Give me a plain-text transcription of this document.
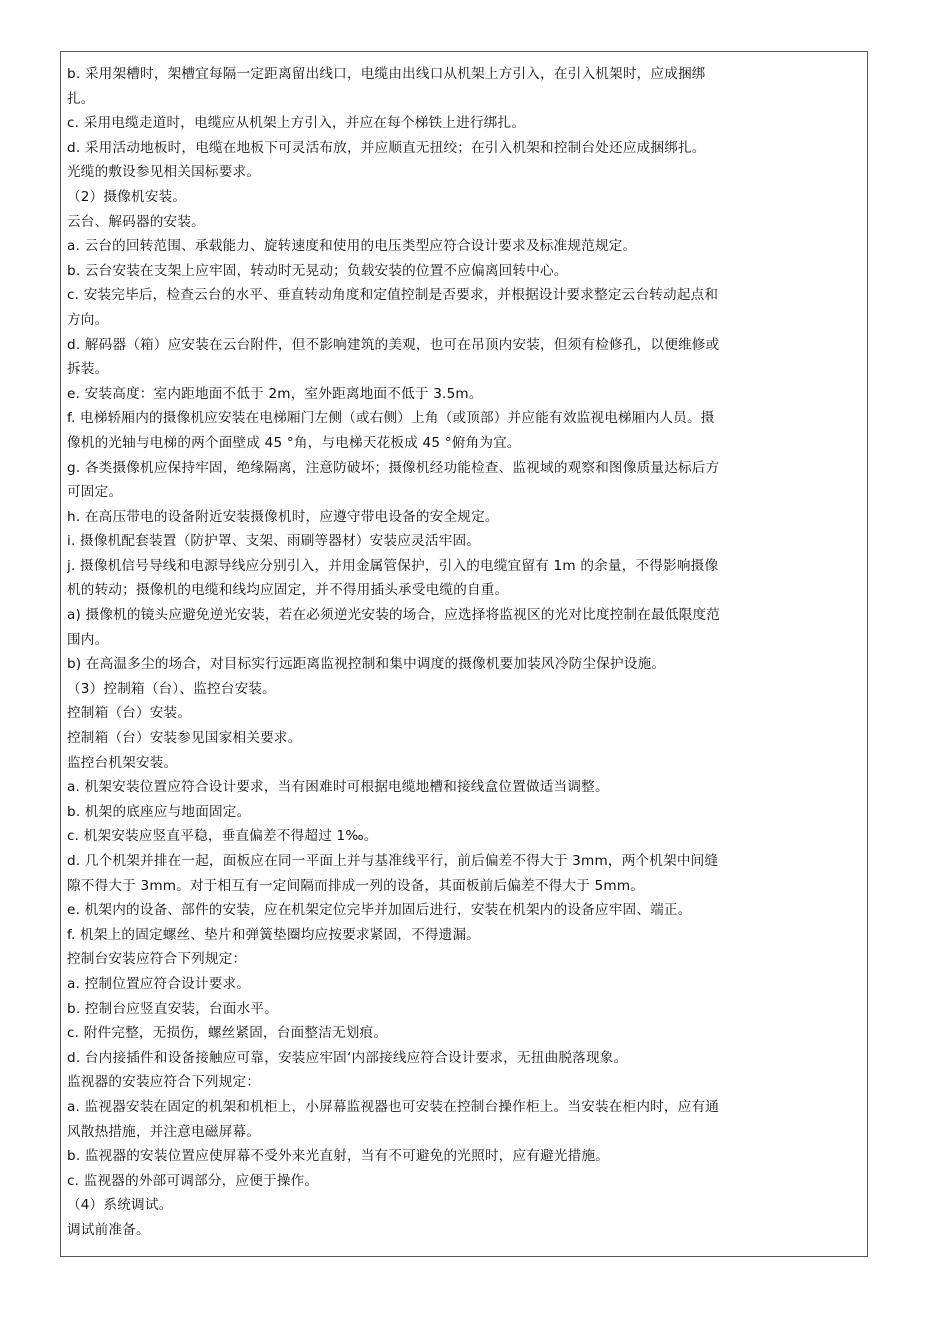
b. 采用架槽时，架槽宜每隔一定距离留出线口，电缆由出线口从机架上方引入，在引入机架时，应成捆绑
扎。
c. 采用电缆走道时，电缆应从机架上方引入，并应在每个梯铁上进行绑扎。
d. 采用活动地板时，电缆在地板下可灵活布放，并应顺直无扭绞；在引入机架和控制台处还应成捆绑扎。
光缆的敷设参见相关国标要求。
（2）摄像机安装。
云台、解码器的安装。
a. 云台的回转范围、承载能力、旋转速度和使用的电压类型应符合设计要求及标准规范规定。
b. 云台安装在支架上应牢固，转动时无晃动；负载安装的位置不应偏离回转中心。
c. 安装完毕后，检查云台的水平、垂直转动角度和定值控制是否要求，并根据设计要求整定云台转动起点和
方向。
d. 解码器（箱）应安装在云台附件，但不影响建筑的美观，也可在吊顶内安装，但须有检修孔，以便维修或
拆装。
e. 安装高度：室内距地面不低于 2m，室外距离地面不低于 3.5m。
f. 电梯轿厢内的摄像机应安装在电梯厢门左侧（或右侧）上角（或顶部）并应能有效监视电梯厢内人员。摄
像机的光轴与电梯的两个面壁成 45 °角，与电梯天花板成 45 °俯角为宜。
g. 各类摄像机应保持牢固，绝缘隔离，注意防破坏；摄像机经功能检查、监视域的观察和图像质量达标后方
可固定。
h. 在高压带电的设备附近安装摄像机时，应遵守带电设备的安全规定。
i. 摄像机配套装置（防护罩、支架、雨刷等器材）安装应灵活牢固。
j. 摄像机信号导线和电源导线应分别引入，并用金属管保护，引入的电缆宜留有 1m 的余量，不得影响摄像
机的转动；摄像机的电缆和线均应固定，并不得用插头承受电缆的自重。
a) 摄像机的镜头应避免逆光安装，若在必须逆光安装的场合，应选择将监视区的光对比度控制在最低限度范
围内。
b) 在高温多尘的场合，对目标实行远距离监视控制和集中调度的摄像机要加装风冷防尘保护设施。
（3）控制箱（台）、监控台安装。
控制箱（台）安装。
控制箱（台）安装参见国家相关要求。
监控台机架安装。
a. 机架安装位置应符合设计要求，当有困难时可根据电缆地槽和接线盒位置做适当调整。
b. 机架的底座应与地面固定。
c. 机架安装应竖直平稳，垂直偏差不得超过 1‰。
d. 几个机架并排在一起，面板应在同一平面上并与基准线平行，前后偏差不得大于 3mm，两个机架中间缝
隙不得大于 3mm。对于相互有一定间隔而排成一列的设备，其面板前后偏差不得大于 5mm。
e. 机架内的设备、部件的安装，应在机架定位完毕并加固后进行，安装在机架内的设备应牢固、端正。
f. 机架上的固定螺丝、垫片和弹簧垫圈均应按要求紧固，不得遗漏。
控制台安装应符合下列规定：
a. 控制位置应符合设计要求。
b. 控制台应竖直安装，台面水平。
c. 附件完整，无损伤，螺丝紧固，台面整洁无划痕。
d. 台内接插件和设备接触应可靠，安装应牢固‘内部接线应符合设计要求，无扭曲脱落现象。
监视器的安装应符合下列规定：
a. 监视器安装在固定的机架和机柜上，小屏幕监视器也可安装在控制台操作柜上。当安装在柜内时，应有通
风散热措施，并注意电磁屏幕。
b. 监视器的安装位置应使屏幕不受外来光直射，当有不可避免的光照时，应有避光措施。
c. 监视器的外部可调部分，应便于操作。
（4）系统调试。
调试前准备。
